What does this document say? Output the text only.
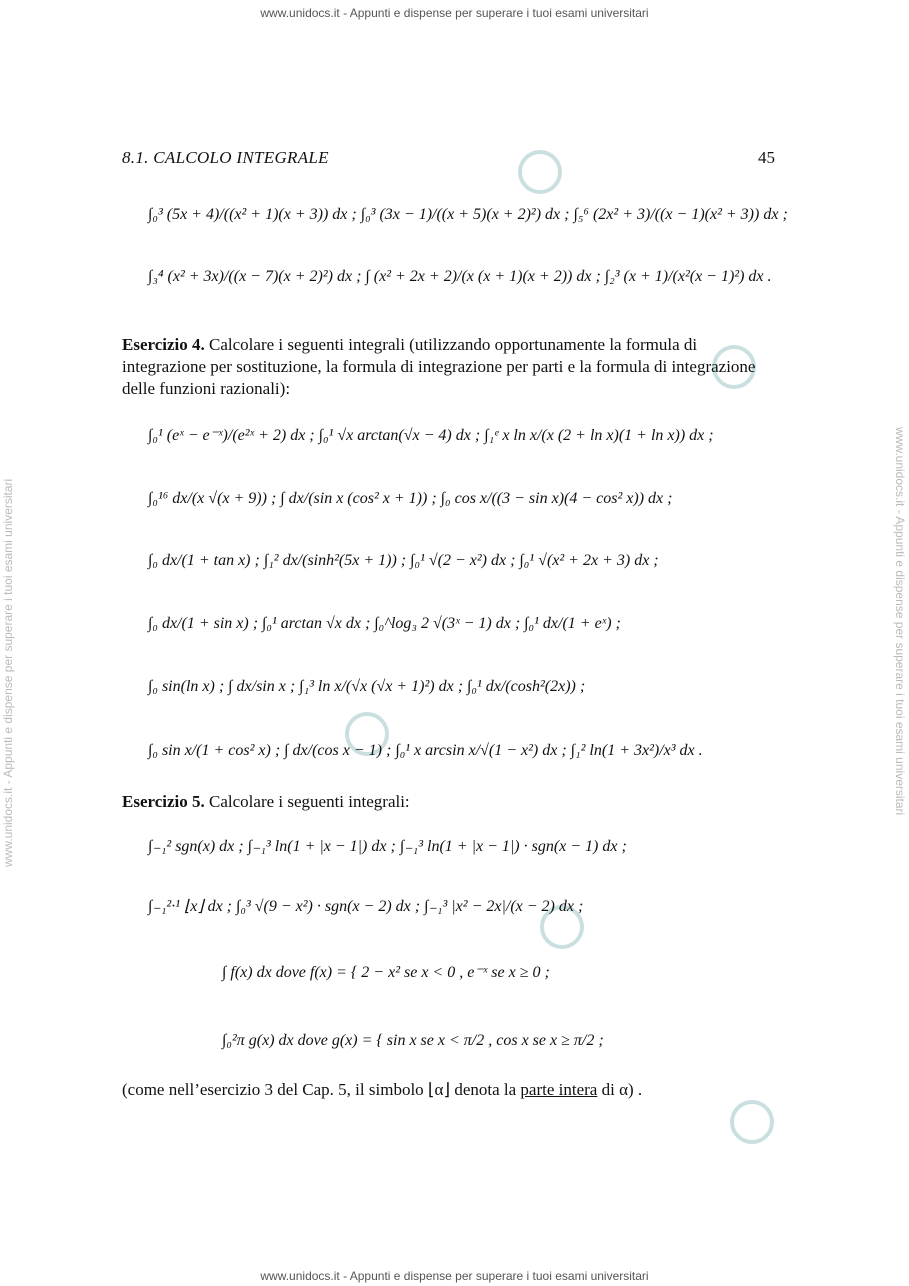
www.unidocs.it - Appunti e dispense per superare i tuoi esami universitari
www.unidocs.it - Appunti e dispense per superare i tuoi esami universitari	www.unidocs.it - Appunti e dispense per superare i tuoi esami universitari
8.1. CALCOLO INTEGRALE	45
∫₀³ (5x + 4)/((x² + 1)(x + 3)) dx ; ∫₀³ (3x − 1)/((x + 5)(x + 2)²) dx ; ∫₅⁶ (2x² + 3)/((x − 1)(x² + 3)) dx ;
∫₃⁴ (x² + 3x)/((x − 7)(x + 2)²) dx ; ∫ (x² + 2x + 2)/(x (x + 1)(x + 2)) dx ; ∫₂³ (x + 1)/(x²(x − 1)²) dx .
Esercizio 4. Calcolare i seguenti integrali (utilizzando opportunamente la formula di integrazione per sostituzione, la formula di integrazione per parti e la formula di integrazione delle funzioni razionali):
∫₀¹ (eˣ − e⁻ˣ)/(e²ˣ + 2) dx ; ∫₀¹ √x arctan(√x − 4) dx ; ∫₁ᵉ x ln x/(x (2 + ln x)(1 + ln x)) dx ;
∫₀¹⁶ dx/(x √(x + 9)) ; ∫ dx/(sin x (cos² x + 1)) ; ∫₀ cos x/((3 − sin x)(4 − cos² x)) dx ;
∫₀ dx/(1 + tan x) ; ∫₁² dx/(sinh²(5x + 1)) ; ∫₀¹ √(2 − x²) dx ; ∫₀¹ √(x² + 2x + 3) dx ;
∫₀ dx/(1 + sin x) ; ∫₀¹ arctan √x dx ; ∫₀^log₃ 2 √(3ˣ − 1) dx ; ∫₀¹ dx/(1 + eˣ) ;
∫₀ sin(ln x) ; ∫ dx/sin x ; ∫₁³ ln x/(√x (√x + 1)²) dx ; ∫₀¹ dx/(cosh²(2x)) ;
∫₀ sin x/(1 + cos² x) ; ∫ dx/(cos x − 1) ; ∫₀¹ x arcsin x/√(1 − x²) dx ; ∫₁² ln(1 + 3x²)/x³ dx .
Esercizio 5. Calcolare i seguenti integrali:
∫₋₁² sgn(x) dx ; ∫₋₁³ ln(1 + |x − 1|) dx ; ∫₋₁³ ln(1 + |x − 1|) · sgn(x − 1) dx ;
∫₋₁²·¹ ⌊x⌋ dx ; ∫₀³ √(9 − x²) · sgn(x − 2) dx ; ∫₋₁³ |x² − 2x|/(x − 2) dx ;
∫ f(x) dx dove f(x) = { 2 − x² se x < 0 , e⁻ˣ se x ≥ 0 ;
∫₀²π g(x) dx dove g(x) = { sin x se x < π/2 , cos x se x ≥ π/2 ;
(come nell’esercizio 3 del Cap. 5, il simbolo ⌊α⌋ denota la parte intera di α) .
www.unidocs.it - Appunti e dispense per superare i tuoi esami universitari
